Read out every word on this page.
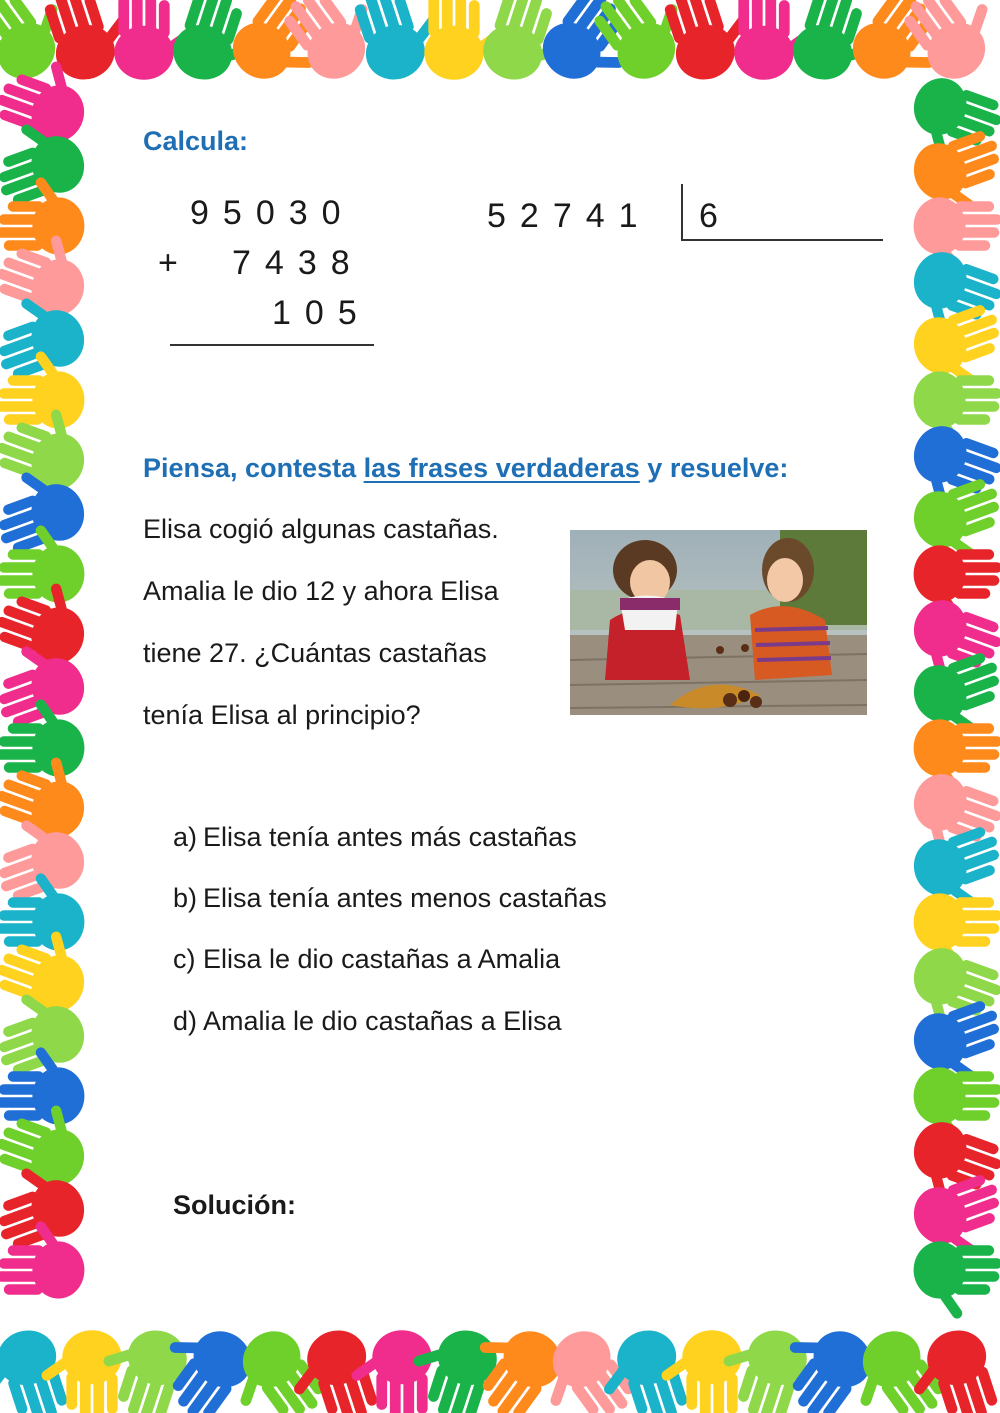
Calcula:
95030
+ 7438
105
52741 6
Piensa, contesta las frases verdaderas y resuelve:
Elisa cogió algunas castañas.
Amalia le dio 12 y ahora Elisa
tiene 27. ¿Cuántas castañas
tenía Elisa al principio?
a) Elisa tenía antes más castañas
b) Elisa tenía antes menos castañas
c) Elisa le dio castañas a Amalia
d) Amalia le dio castañas a Elisa
Solución:
